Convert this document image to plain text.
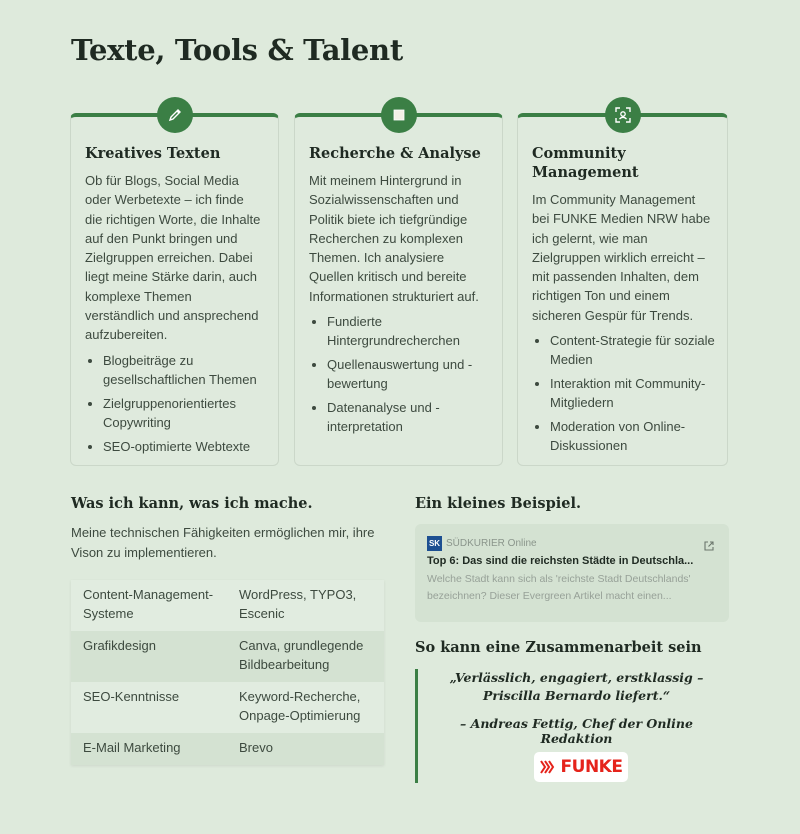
Texte, Tools & Talent
Kreatives Texten

Ob für Blogs, Social Media oder Werbetexte – ich finde die richtigen Worte, die Inhalte auf den Punkt bringen und Zielgruppen erreichen. Dabei liegt meine Stärke darin, auch komplexe Themen verständlich und ansprechend aufzubereiten.

• Blogbeiträge zu gesellschaftlichen Themen
• Zielgruppenorientiertes Copywriting
• SEO-optimierte Webtexte
Recherche & Analyse

Mit meinem Hintergrund in Sozialwissenschaften und Politik biete ich tiefgründige Recherchen zu komplexen Themen. Ich analysiere Quellen kritisch und bereite Informationen strukturiert auf.

• Fundierte Hintergrundrecherchen
• Quellenauswertung und -bewertung
• Datenanalyse und -interpretation
Community Management

Im Community Management bei FUNKE Medien NRW habe ich gelernt, wie man Zielgruppen wirklich erreicht – mit passenden Inhalten, dem richtigen Ton und einem sicheren Gespür für Trends.

• Content-Strategie für soziale Medien
• Interaktion mit Community-Mitgliedern
• Moderation von Online-Diskussionen
Was ich kann, was ich mache.

Meine technischen Fähigkeiten ermöglichen mir, ihre Vison zu implementieren.

Content-Management-Systeme	WordPress, TYPO3, Escenic
Grafikdesign	Canva, grundlegende Bildbearbeitung
SEO-Kenntnisse	Keyword-Recherche, Onpage-Optimierung
E-Mail Marketing	Brevo
Ein kleines Beispiel.
SK SÜDKURIER Online
Top 6: Das sind die reichsten Städte in Deutschla...
Welche Stadt kann sich als 'reichste Stadt Deutschlands' bezeichnen? Dieser Evergreen Artikel macht einen...
So kann eine Zusammenarbeit sein
„Verlässlich, engagiert, erstklassig – Priscilla Bernardo liefert.“
– Andreas Fettig, Chef der Online Redaktion
FUNKE
